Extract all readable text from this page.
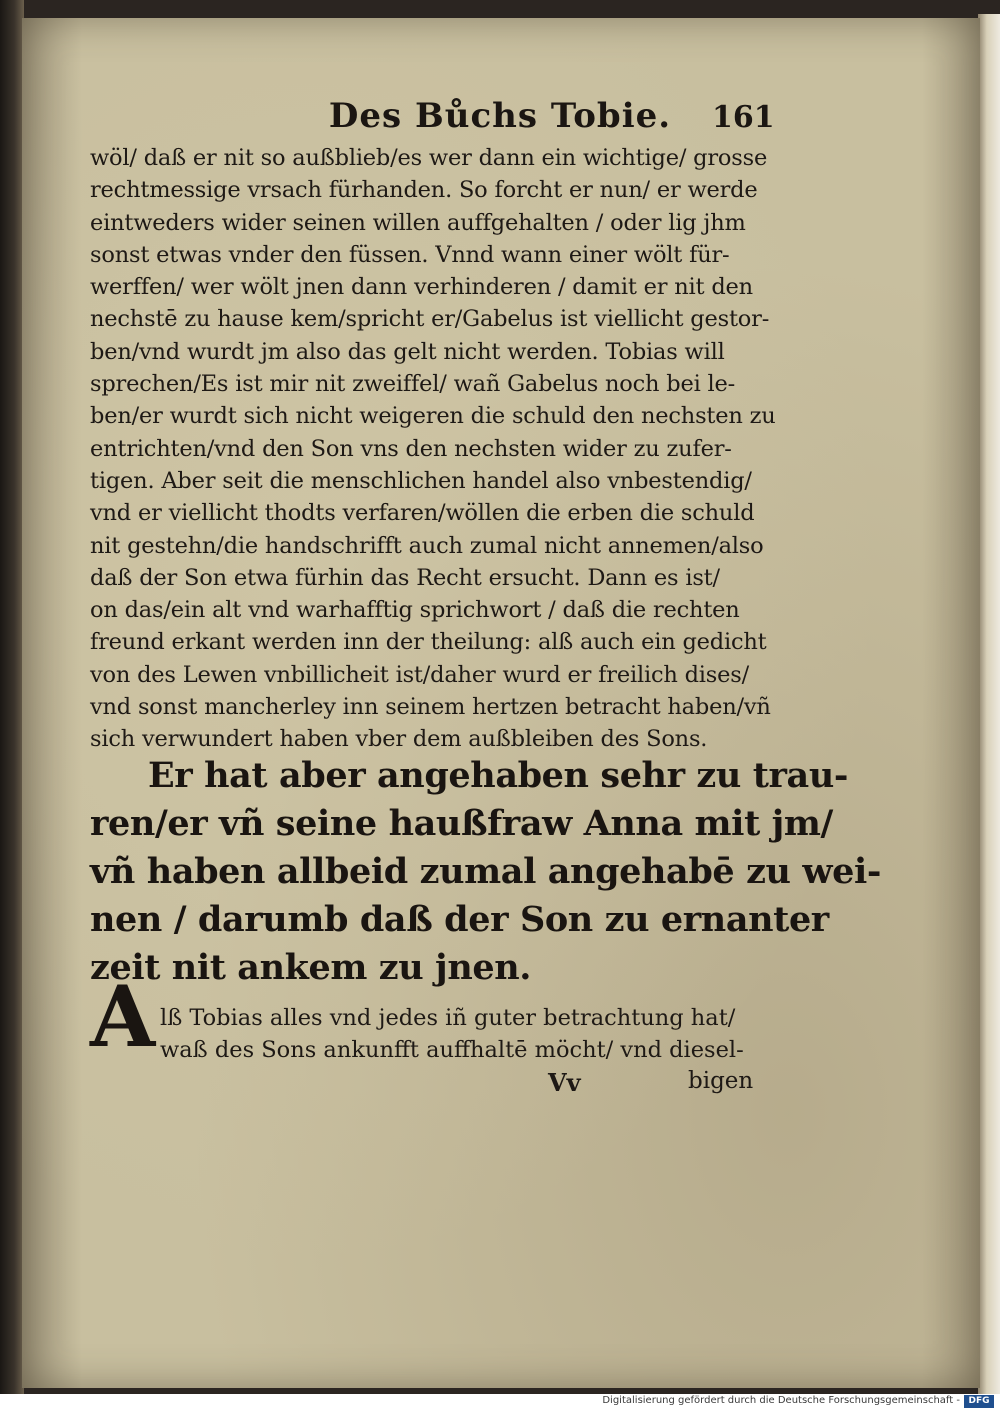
Des Bůchs Tobie.	161
wöl/ daß er nit so außblieb/es wer dann ein wichtige/ grosse
rechtmessige vrsach fürhanden. So forcht er nun/ er werde
eintweders wider seinen willen auffgehalten / oder lig jhm
sonst etwas vnder den füssen. Vnnd wann einer wölt für-
werffen/ wer wölt jnen dann verhinderen / damit er nit den
nechstē zu hause kem/spricht er/Gabelus ist viellicht gestor-
ben/vnd wurdt jm also das gelt nicht werden. Tobias will
sprechen/Es ist mir nit zweiffel/ wañ Gabelus noch bei le-
ben/er wurdt sich nicht weigeren die schuld den nechsten zu
entrichten/vnd den Son vns den nechsten wider zu zufer-
tigen. Aber seit die menschlichen handel also vnbestendig/
vnd er viellicht thodts verfaren/wöllen die erben die schuld
nit gestehn/die handschrifft auch zumal nicht annemen/also
daß der Son etwa fürhin das Recht ersucht. Dann es ist/
on das/ein alt vnd warhafftig sprichwort / daß die rechten
freund erkant werden inn der theilung: alß auch ein gedicht
von des Lewen vnbillicheit ist/daher wurd er freilich dises/
vnd sonst mancherley inn seinem hertzen betracht haben/vñ
sich verwundert haben vber dem außbleiben des Sons.
Er hat aber angehaben sehr zu trau-
ren/er vñ seine haußfraw Anna mit jm/
vñ haben allbeid zumal angehabē zu wei-
nen / darumb daß der Son zu ernanter
zeit nit ankem zu jnen.
A lß Tobias alles vnd jedes iñ guter betrachtung hat/
waß des Sons ankunfft auffhaltē möcht/ vnd diesel-
Vv	bigen
Digitalisierung gefördert durch die Deutsche Forschungsgemeinschaft - DFG
